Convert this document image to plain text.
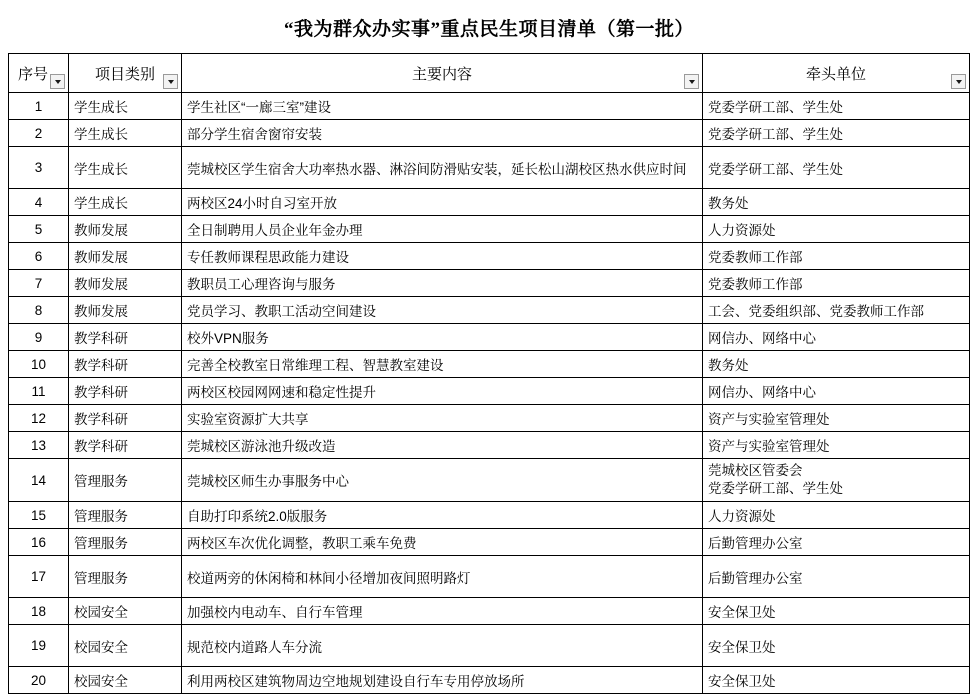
“我为群众办实事”重点民生项目清单（第一批）
序号	项目类别	主要内容	牵头单位

1	学生成长	学生社区“一廊三室”建设	党委学研工部、学生处
2	学生成长	部分学生宿舍窗帘安装	党委学研工部、学生处
3	学生成长	莞城校区学生宿舍大功率热水器、淋浴间防滑贴安装，延长松山湖校区热水供应时间	党委学研工部、学生处
4	学生成长	两校区24小时自习室开放	教务处
5	教师发展	全日制聘用人员企业年金办理	人力资源处
6	教师发展	专任教师课程思政能力建设	党委教师工作部
7	教师发展	教职员工心理咨询与服务	党委教师工作部
8	教师发展	党员学习、教职工活动空间建设	工会、党委组织部、党委教师工作部
9	教学科研	校外VPN服务	网信办、网络中心
10	教学科研	完善全校教室日常维理工程、智慧教室建设	教务处
11	教学科研	两校区校园网网速和稳定性提升	网信办、网络中心
12	教学科研	实验室资源扩大共享	资产与实验室管理处
13	教学科研	莞城校区游泳池升级改造	资产与实验室管理处
14	管理服务	莞城校区师生办事服务中心	莞城校区管委会
党委学研工部、学生处
15	管理服务	自助打印系统2.0版服务	人力资源处
16	管理服务	两校区车次优化调整，教职工乘车免费	后勤管理办公室
17	管理服务	校道两旁的休闲椅和林间小径增加夜间照明路灯	后勤管理办公室
18	校园安全	加强校内电动车、自行车管理	安全保卫处
19	校园安全	规范校内道路人车分流	安全保卫处
20	校园安全	利用两校区建筑物周边空地规划建设自行车专用停放场所	安全保卫处
